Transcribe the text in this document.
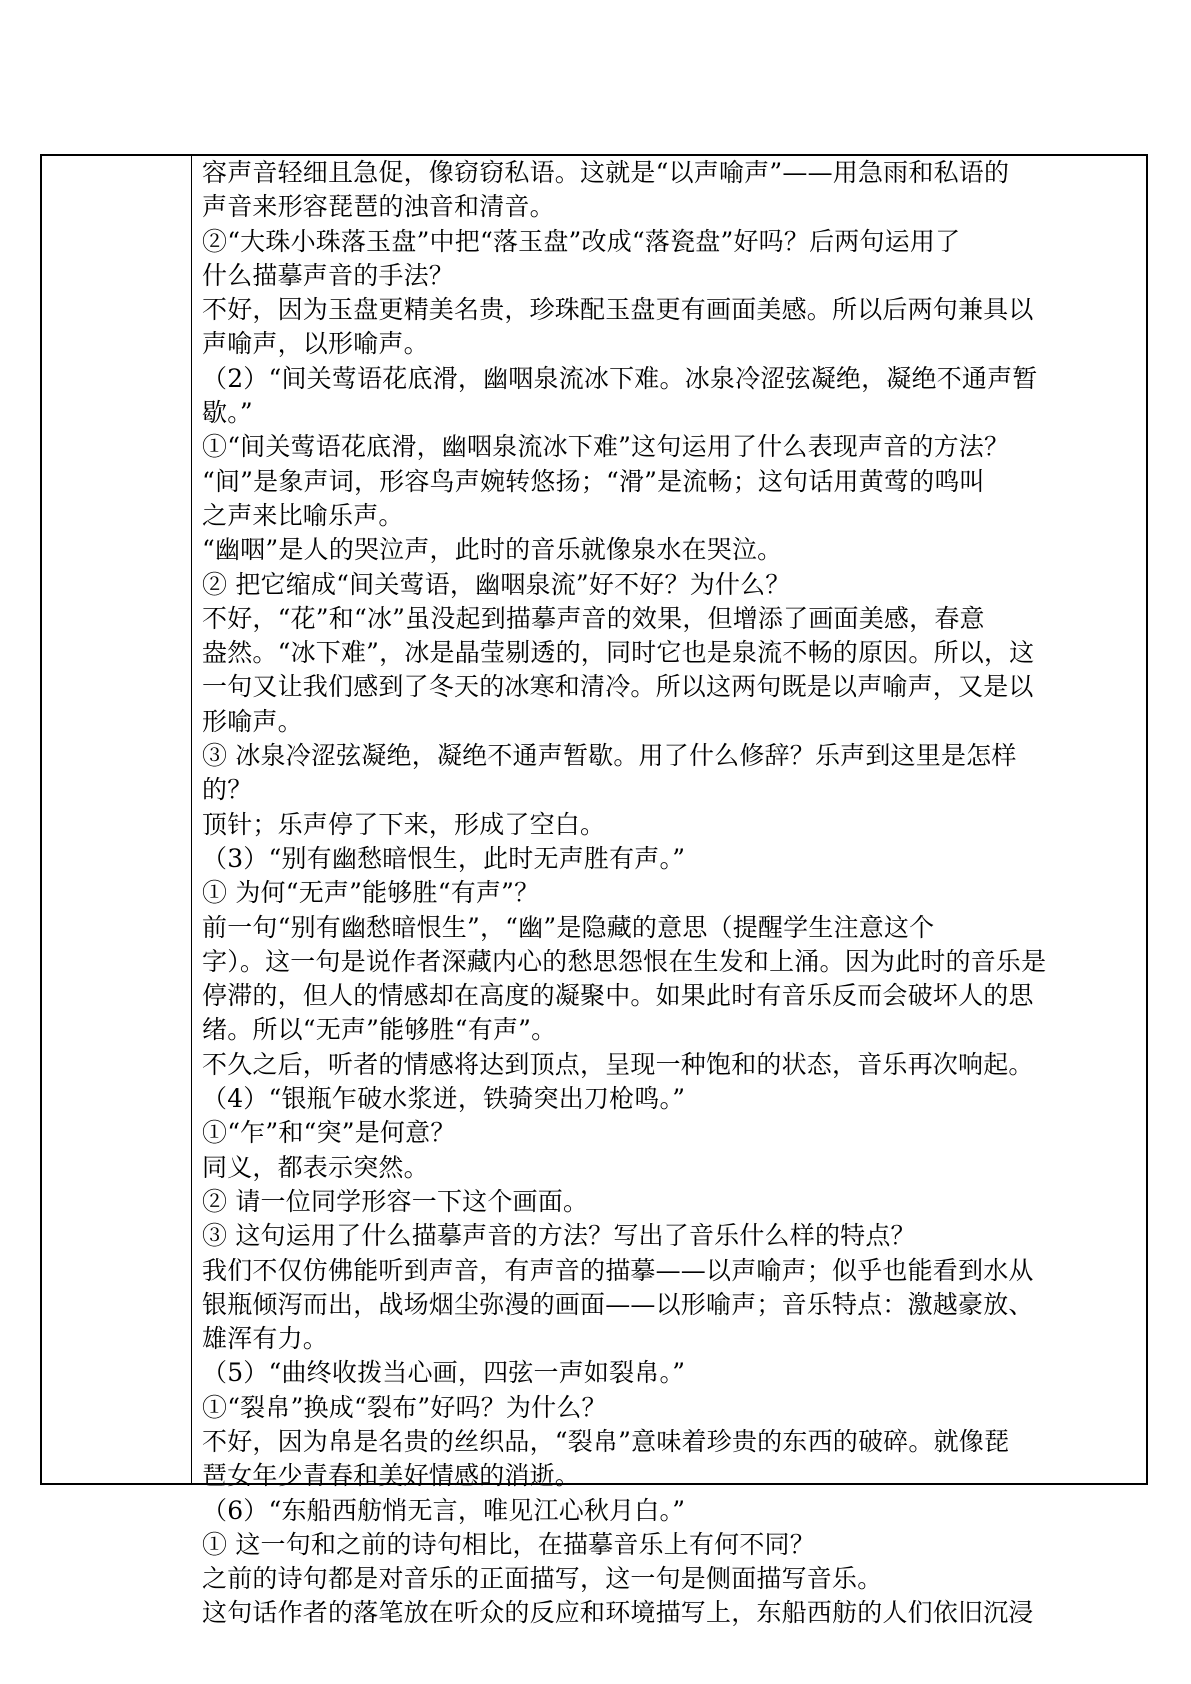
容声音轻细且急促，像窃窃私语。这就是“以声喻声”——用急雨和私语的
声音来形容琵琶的浊音和清音。
②“大珠小珠落玉盘”中把“落玉盘”改成“落瓷盘”好吗？后两句运用了
什么描摹声音的手法？
不好，因为玉盘更精美名贵，珍珠配玉盘更有画面美感。所以后两句兼具以
声喻声，以形喻声。
（2）“间关莺语花底滑，幽咽泉流冰下难。冰泉冷涩弦凝绝，凝绝不通声暂
歇。”
①“间关莺语花底滑，幽咽泉流冰下难”这句运用了什么表现声音的方法？
“间”是象声词，形容鸟声婉转悠扬；“滑”是流畅；这句话用黄莺的鸣叫
之声来比喻乐声。
“幽咽”是人的哭泣声，此时的音乐就像泉水在哭泣。
② 把它缩成“间关莺语，幽咽泉流”好不好？为什么？
不好，“花”和“冰”虽没起到描摹声音的效果，但增添了画面美感，春意
盎然。“冰下难”，冰是晶莹剔透的，同时它也是泉流不畅的原因。所以，这
一句又让我们感到了冬天的冰寒和清冷。所以这两句既是以声喻声，又是以
形喻声。
③ 冰泉冷涩弦凝绝，凝绝不通声暂歇。用了什么修辞？乐声到这里是怎样
的？
顶针；乐声停了下来，形成了空白。
（3）“别有幽愁暗恨生，此时无声胜有声。”
① 为何“无声”能够胜“有声”？
前一句“别有幽愁暗恨生”，“幽”是隐藏的意思（提醒学生注意这个
字）。这一句是说作者深藏内心的愁思怨恨在生发和上涌。因为此时的音乐是
停滞的，但人的情感却在高度的凝聚中。如果此时有音乐反而会破坏人的思
绪。所以“无声”能够胜“有声”。
不久之后，听者的情感将达到顶点，呈现一种饱和的状态，音乐再次响起。
（4）“银瓶乍破水浆迸，铁骑突出刀枪鸣。”
①“乍”和“突”是何意？
同义，都表示突然。
② 请一位同学形容一下这个画面。
③ 这句运用了什么描摹声音的方法？写出了音乐什么样的特点？
我们不仅仿佛能听到声音，有声音的描摹——以声喻声；似乎也能看到水从
银瓶倾泻而出，战场烟尘弥漫的画面——以形喻声；音乐特点：激越豪放、
雄浑有力。
（5）“曲终收拨当心画，四弦一声如裂帛。”
①“裂帛”换成“裂布”好吗？为什么？
不好，因为帛是名贵的丝织品，“裂帛”意味着珍贵的东西的破碎。就像琵
琶女年少青春和美好情感的消逝。
（6）“东船西舫悄无言，唯见江心秋月白。”
① 这一句和之前的诗句相比，在描摹音乐上有何不同？
之前的诗句都是对音乐的正面描写，这一句是侧面描写音乐。
这句话作者的落笔放在听众的反应和环境描写上，东船西舫的人们依旧沉浸
